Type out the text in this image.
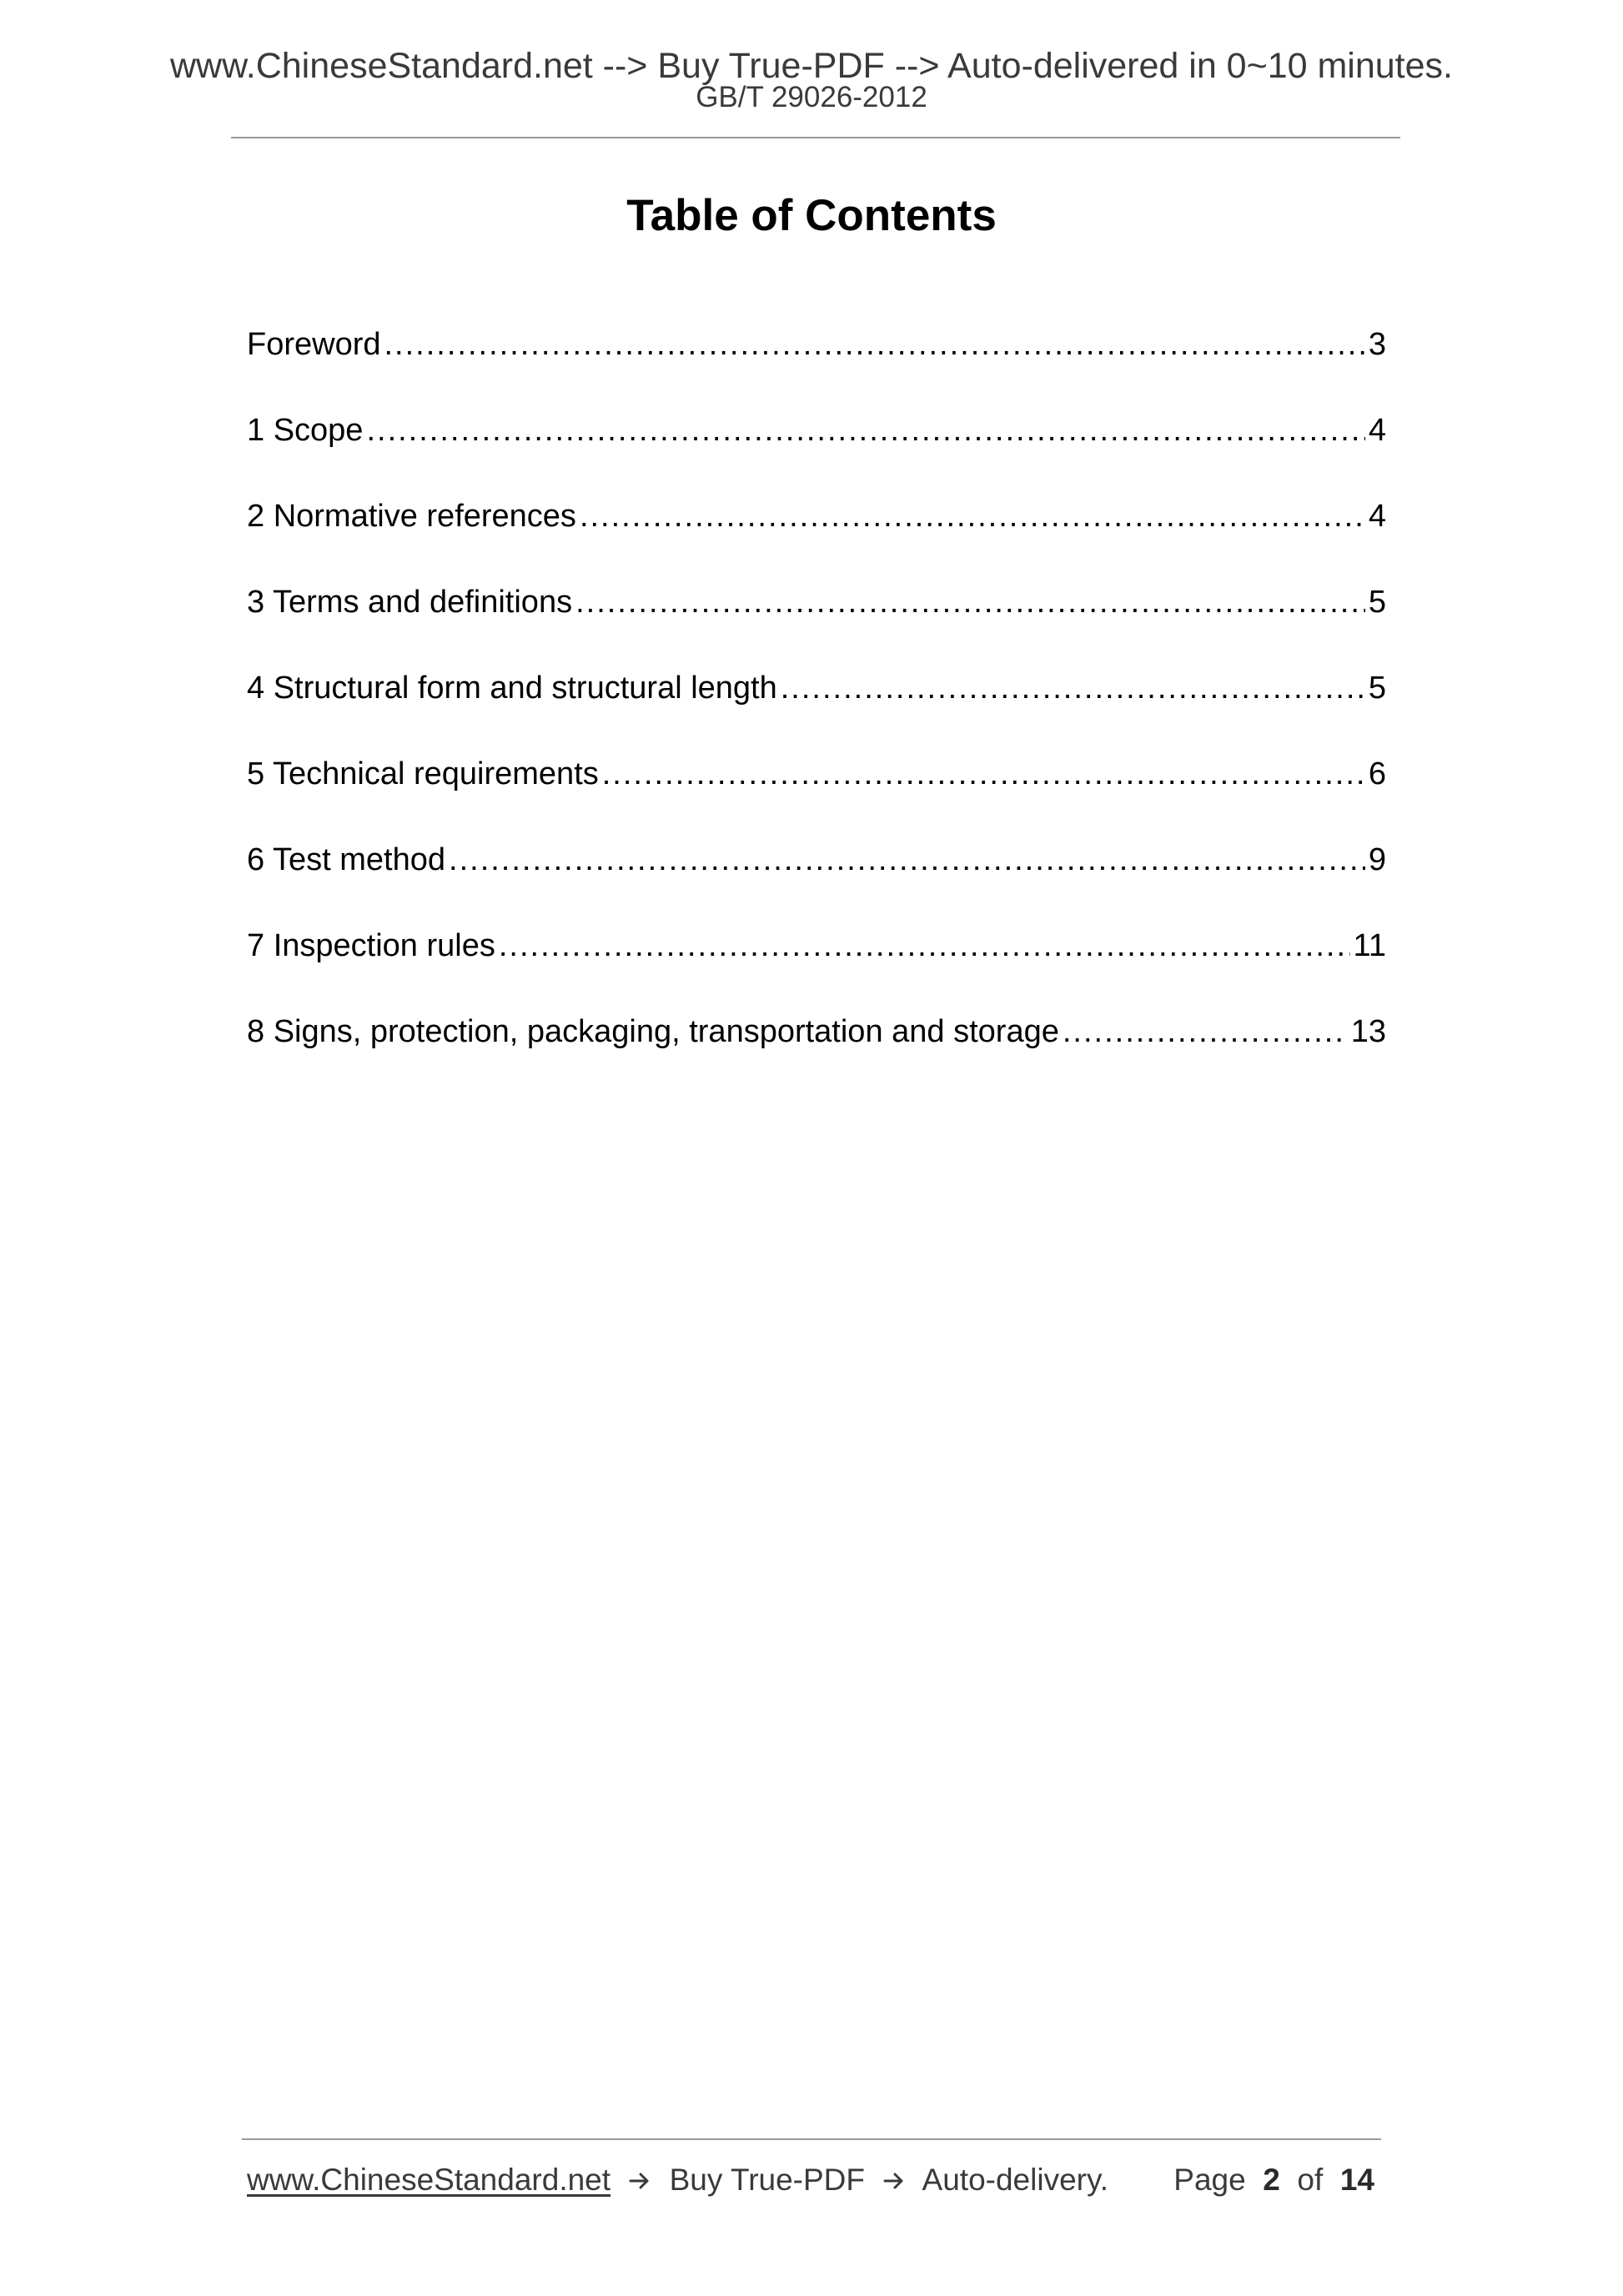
www.ChineseStandard.net --> Buy True-PDF --> Auto-delivered in 0~10 minutes.
GB/T 29026-2012
Table of Contents
Foreword .....	3
1 Scope .....	4
2 Normative references .....	4
3 Terms and definitions .....	5
4 Structural form and structural length .....	5
5 Technical requirements .....	6
6 Test method .....	9
7 Inspection rules .....	11
8 Signs, protection, packaging, transportation and storage .....	13
www.ChineseStandard.net Buy True-PDF Auto-delivery. Page 2 of 14
